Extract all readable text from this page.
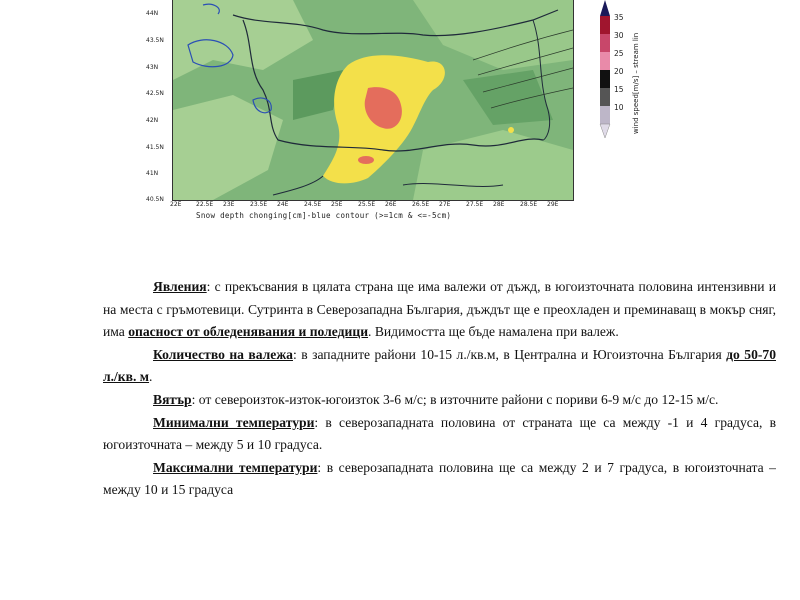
44N
43.5N
43N
42.5N
42N
41.5N
41N
40.5N
22E 22.5E 23E	23.5E 24E	24.5E 25E	25.5E 26E	26.5E 27E	27.5E 28E	28.5E 29E
Snow depth chonging[cm]-blue contour (>=1cm & <=-5cm)
35
30
25
20
15
10 wind speed[m/s] – stream lin

Явления: с прекъсвания в цялата страна ще има валежи от дъжд, в югоизточната половина интензивни и на места с гръмотевици. Сутринта в Северозападна България, дъждът ще е преохладен и преминаващ в мокър сняг, има опасност от обледенявания и поледици. Видимостта ще бъде намалена при валеж.

Количество на валежа: в западните райони 10-15 л./кв.м, в Централна и Югоизточна България до 50-70 л./кв. м.

Вятър: от североизток-изток-югоизток 3-6 м/с; в източните райони с пориви 6-9 м/с до 12-15 м/с.

Минимални температури: в северозападната половина от страната ще са между -1 и 4 градуса, в югоизточната – между 5 и 10 градуса.

Максимални температури: в северозападната половина ще са между 2 и 7 градуса, в югоизточната – между 10 и 15 градуса
